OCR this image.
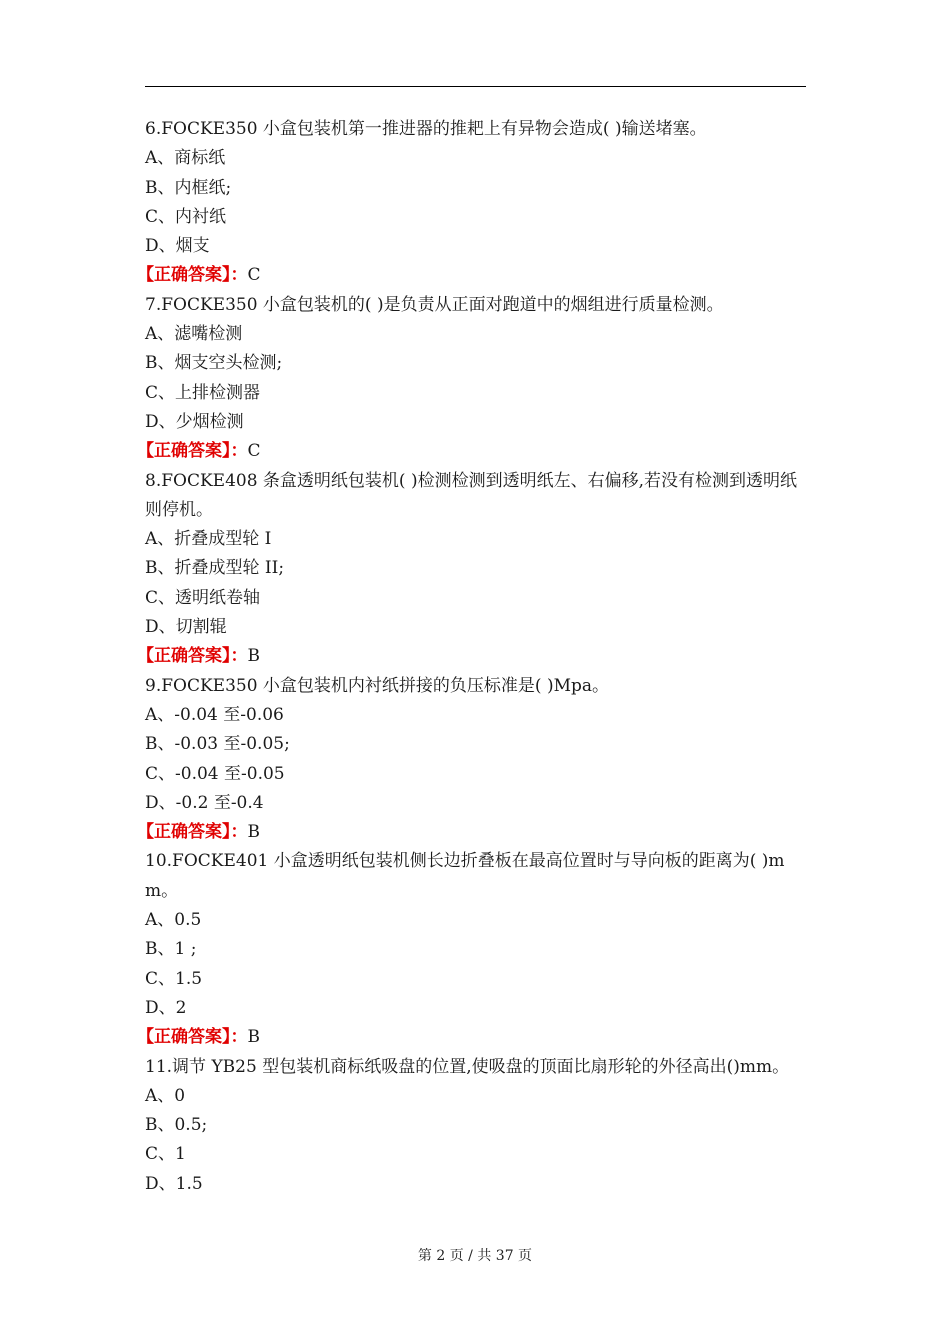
6.FOCKE350 小盒包装机第一推进器的推耙上有异物会造成( )输送堵塞。
A、商标纸
B、内框纸;
C、内衬纸
D、烟支
【正确答案】：C
7.FOCKE350 小盒包装机的( )是负责从正面对跑道中的烟组进行质量检测。
A、滤嘴检测
B、烟支空头检测;
C、上排检测器
D、少烟检测
【正确答案】：C
8.FOCKE408 条盒透明纸包装机( )检测检测到透明纸左、右偏移,若没有检测到透明纸则停机。
A、折叠成型轮 I
B、折叠成型轮 II;
C、透明纸卷轴
D、切割辊
【正确答案】：B
9.FOCKE350 小盒包装机内衬纸拼接的负压标准是( )Mpa。
A、-0.04 至-0.06
B、-0.03 至-0.05;
C、-0.04 至-0.05
D、-0.2 至-0.4
【正确答案】：B
10.FOCKE401 小盒透明纸包装机侧长边折叠板在最高位置时与导向板的距离为( )mm。
A、0.5
B、1 ;
C、1.5
D、2
【正确答案】：B
11.调节 YB25 型包装机商标纸吸盘的位置,使吸盘的顶面比扇形轮的外径高出()mm。
A、0
B、0.5;
C、1
D、1.5
第 2 页 / 共 37 页
